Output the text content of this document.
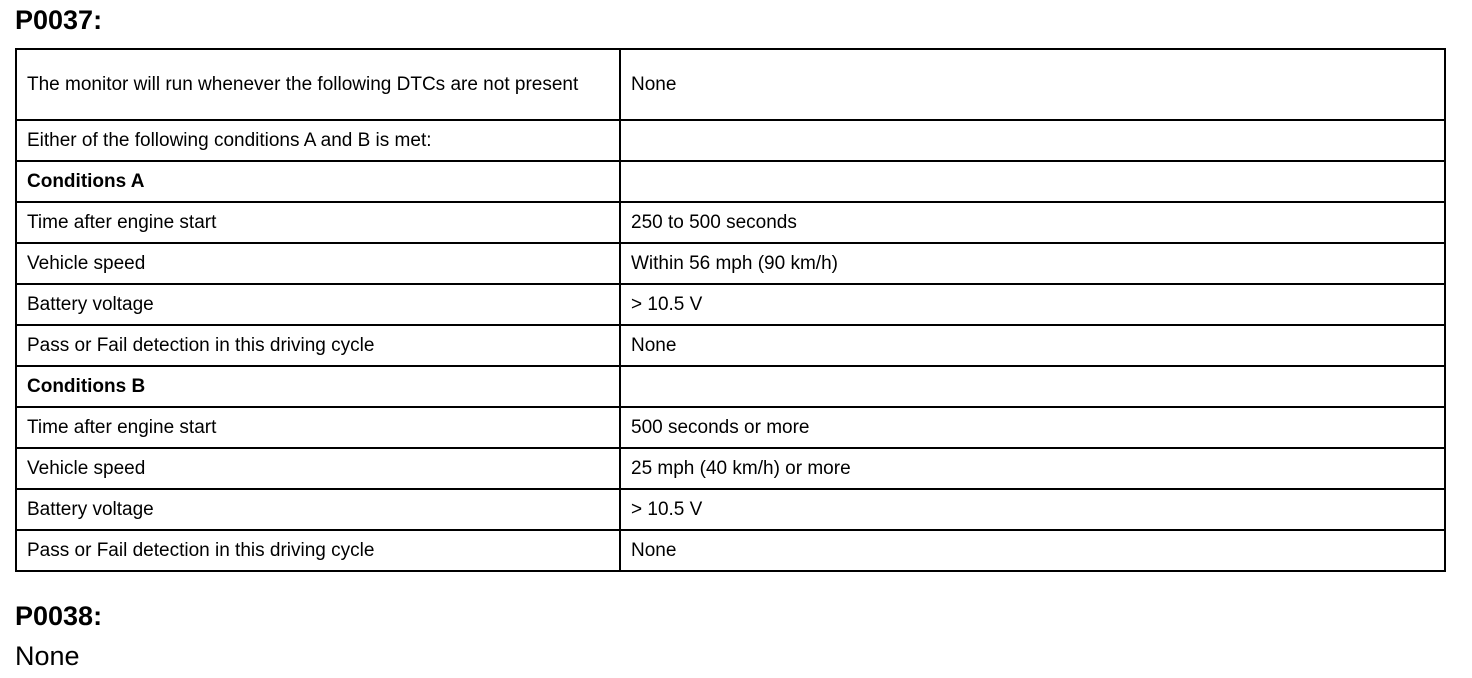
P0037:
The monitor will run whenever the following DTCs are not present	None
Either of the following conditions A and B is met:	
Conditions A	
Time after engine start	250 to 500 seconds
Vehicle speed	Within 56 mph (90 km/h)
Battery voltage	> 10.5 V
Pass or Fail detection in this driving cycle	None
Conditions B	
Time after engine start	500 seconds or more
Vehicle speed	25 mph (40 km/h) or more
Battery voltage	> 10.5 V
Pass or Fail detection in this driving cycle	None
P0038:

None
